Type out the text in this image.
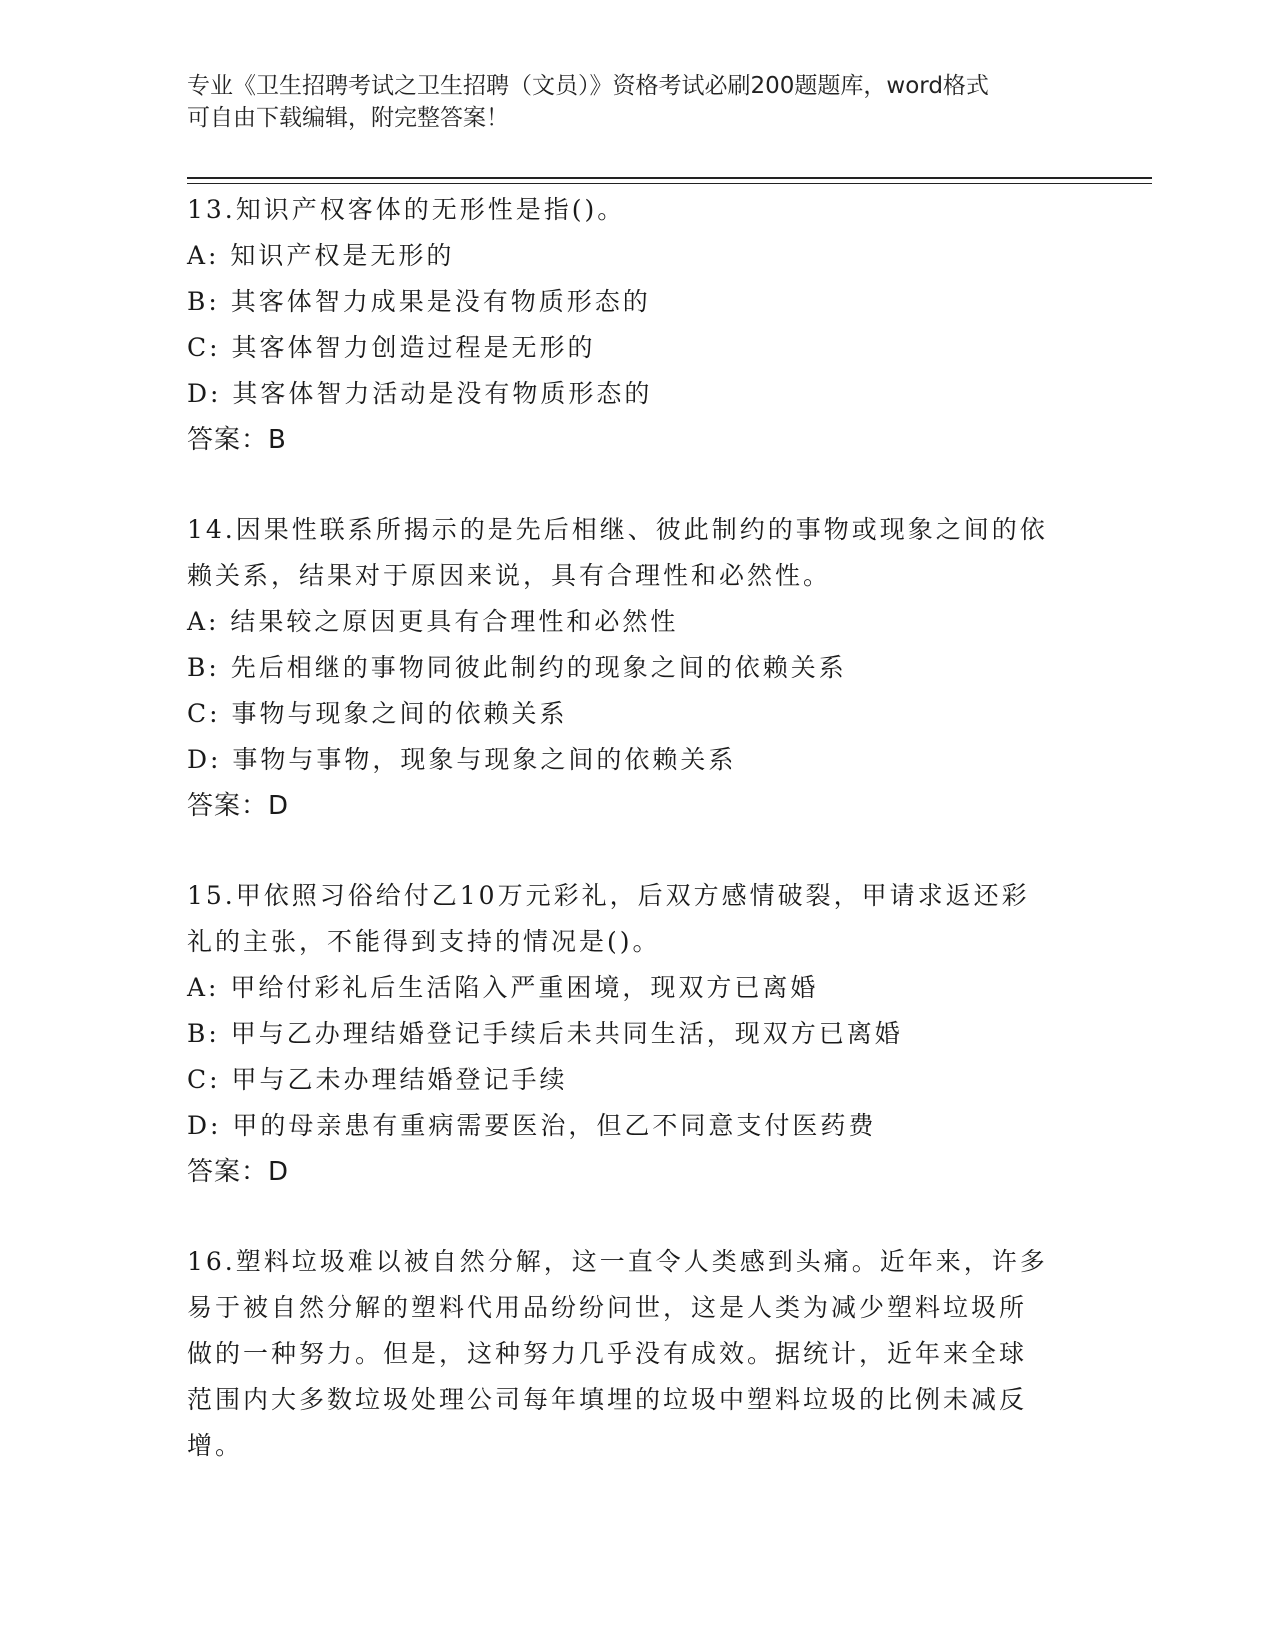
专业《卫生招聘考试之卫生招聘（文员）》资格考试必刷200题题库，word格式
可自由下载编辑，附完整答案！
13.知识产权客体的无形性是指()。
A: 知识产权是无形的
B: 其客体智力成果是没有物质形态的
C: 其客体智力创造过程是无形的
D: 其客体智力活动是没有物质形态的
答案：B
14.因果性联系所揭示的是先后相继、彼此制约的事物或现象之间的依
赖关系，结果对于原因来说，具有合理性和必然性。
A: 结果较之原因更具有合理性和必然性
B: 先后相继的事物同彼此制约的现象之间的依赖关系
C: 事物与现象之间的依赖关系
D: 事物与事物，现象与现象之间的依赖关系
答案：D
15.甲依照习俗给付乙10万元彩礼，后双方感情破裂，甲请求返还彩
礼的主张，不能得到支持的情况是()。
A: 甲给付彩礼后生活陷入严重困境，现双方已离婚
B: 甲与乙办理结婚登记手续后未共同生活，现双方已离婚
C: 甲与乙未办理结婚登记手续
D: 甲的母亲患有重病需要医治，但乙不同意支付医药费
答案：D
16.塑料垃圾难以被自然分解，这一直令人类感到头痛。近年来，许多
易于被自然分解的塑料代用品纷纷问世，这是人类为减少塑料垃圾所
做的一种努力。但是，这种努力几乎没有成效。据统计，近年来全球
范围内大多数垃圾处理公司每年填埋的垃圾中塑料垃圾的比例未减反
增。
